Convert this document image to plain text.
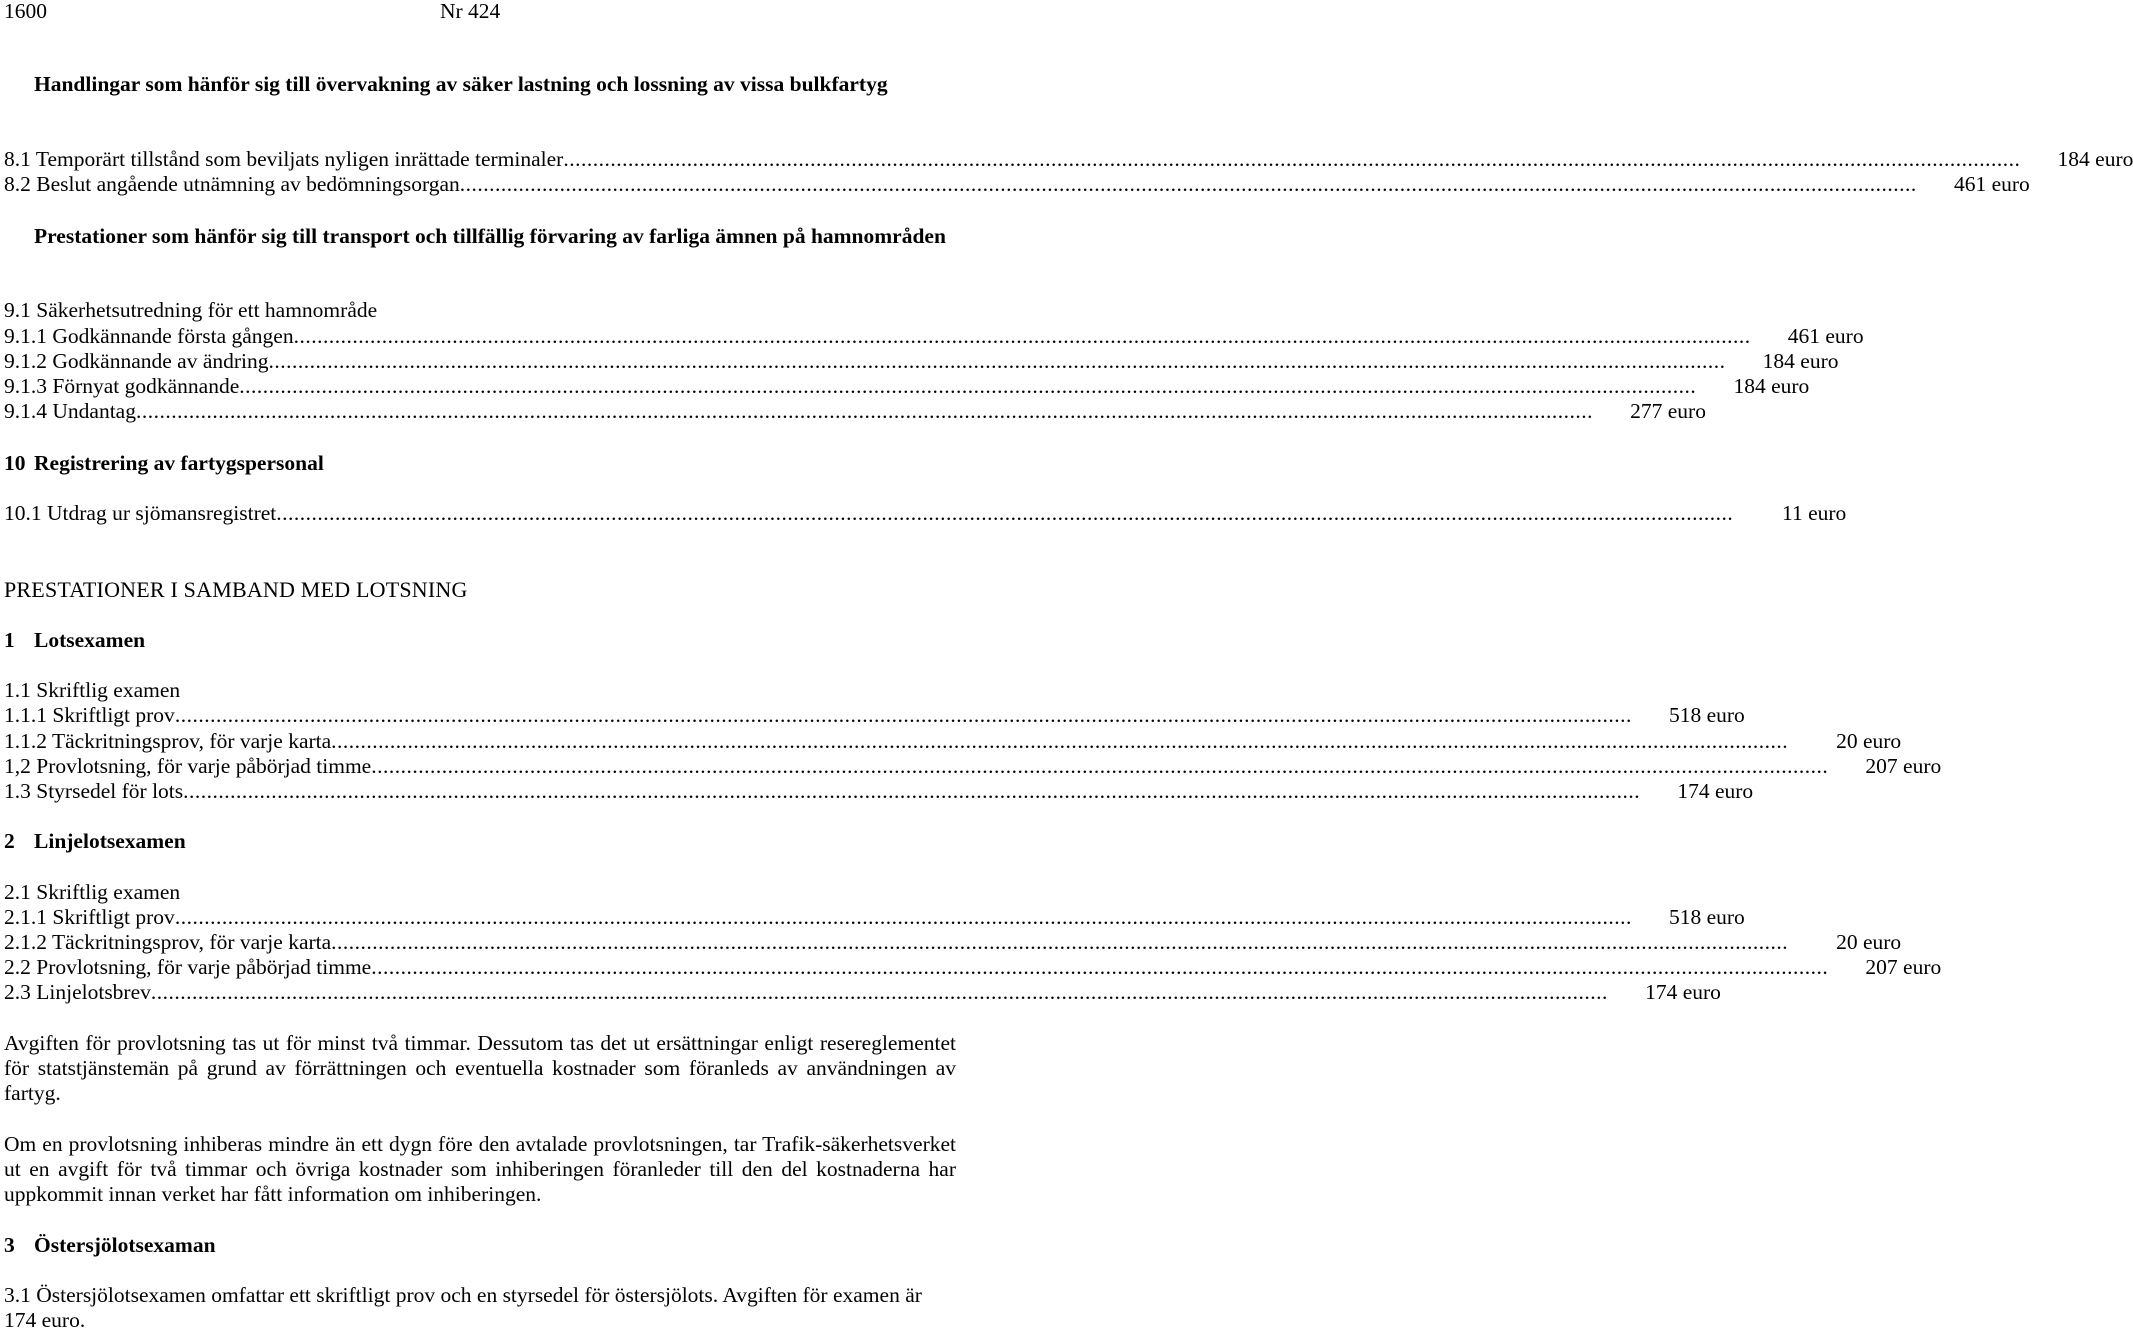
1600	Nr 424
Handlingar som hänför sig till övervakning av säker lastning och lossning av vissa bulkfartyg
8.1 Temporärt tillstånd som beviljats nyligen inrättade terminaler .....	184 euro
8.2 Beslut angående utnämning av bedömningsorgan .....	461 euro
Prestationer som hänför sig till transport och tillfällig förvaring av farliga ämnen på hamnområden
9.1 Säkerhetsutredning för ett hamnområde
9.1.1 Godkännande första gången .....	461 euro
9.1.2 Godkännande av ändring .....	184 euro
9.1.3 Förnyat godkännande .....	184 euro
9.1.4 Undantag .....	277 euro
10 Registrering av fartygspersonal
10.1 Utdrag ur sjömansregistret .....	11 euro
PRESTATIONER I SAMBAND MED LOTSNING
1 Lotsexamen
1.1 Skriftlig examen
1.1.1 Skriftligt prov .....	518 euro
1.1.2 Täckritningsprov, för varje karta .....	20 euro
1,2 Provlotsning, för varje påbörjad timme .....	207 euro
1.3 Styrsedel för lots .....	174 euro
2 Linjelotsexamen
2.1 Skriftlig examen
2.1.1 Skriftligt prov .....	518 euro
2.1.2 Täckritningsprov, för varje karta .....	20 euro
2.2 Provlotsning, för varje påbörjad timme .....	207 euro
2.3 Linjelotsbrev .....	174 euro
Avgiften för provlotsning tas ut för minst två timmar. Dessutom tas det ut ersättningar enligt resereglementet för statstjänstemän på grund av förrättningen och eventuella kostnader som föranleds av användningen av fartyg.
Om en provlotsning inhiberas mindre än ett dygn före den avtalade provlotsningen, tar Trafik-säkerhetsverket ut en avgift för två timmar och övriga kostnader som inhiberingen föranleder till den del kostnaderna har uppkommit innan verket har fått information om inhiberingen.
3 Östersjölotsexaman
3.1 Östersjölotsexamen omfattar ett skriftligt prov och en styrsedel för östersjölots. Avgiften för examen är 174 euro.
